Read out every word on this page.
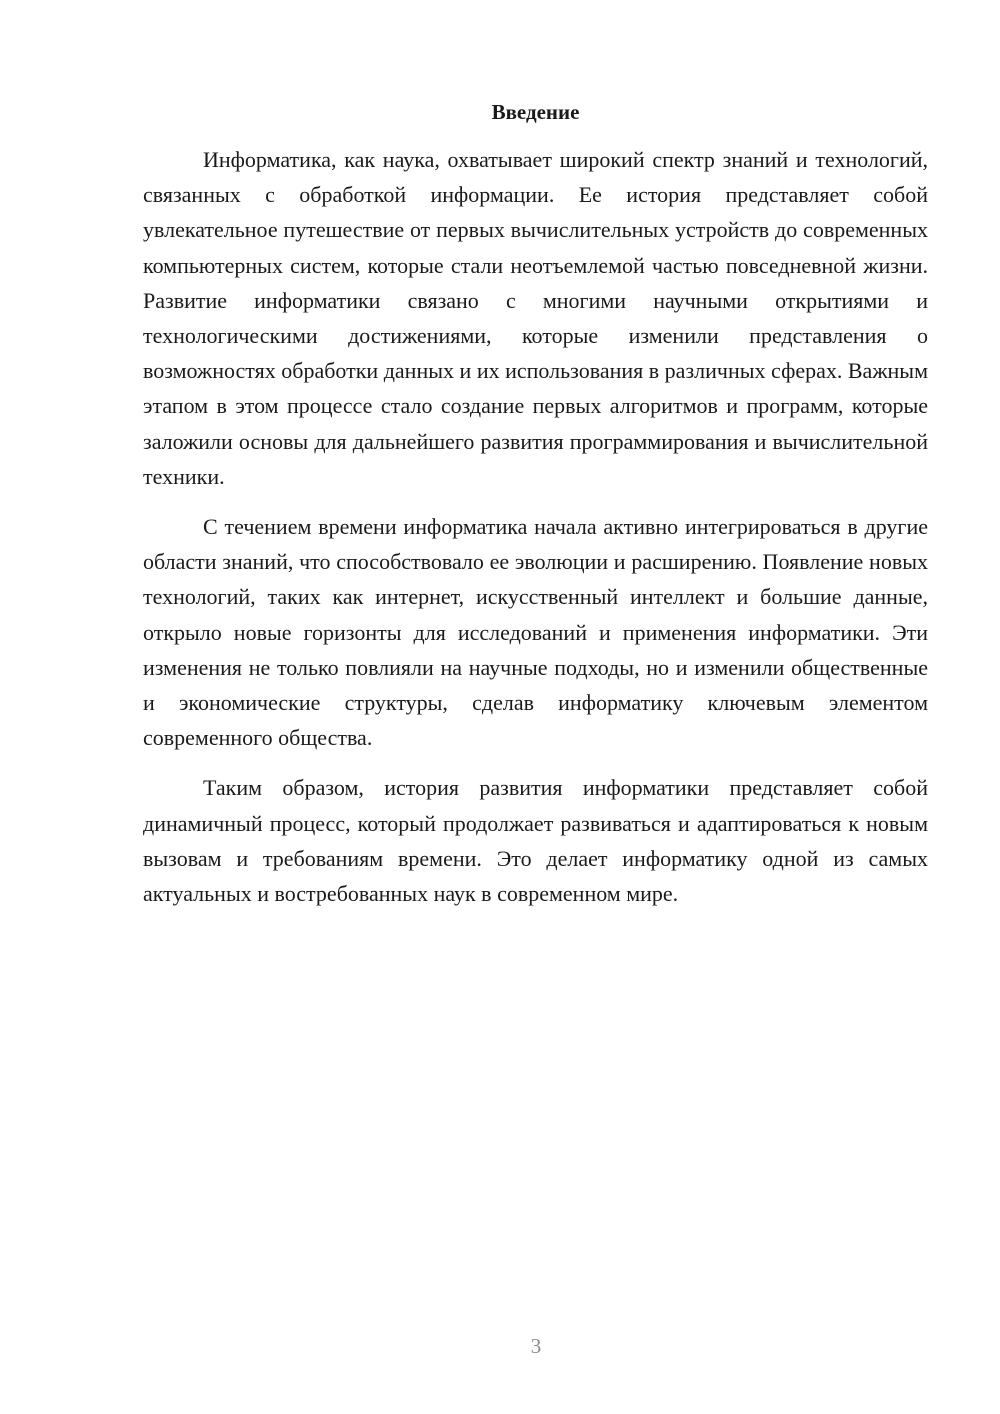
Введение

Информатика, как наука, охватывает широкий спектр знаний и технологий, связанных с обработкой информации. Ее история представляет собой увлекательное путешествие от первых вычислительных устройств до современных компьютерных систем, которые стали неотъемлемой частью повседневной жизни. Развитие информатики связано с многими научными открытиями и технологическими достижениями, которые изменили представления о возможностях обработки данных и их использования в различных сферах. Важным этапом в этом процессе стало создание первых алгоритмов и программ, которые заложили основы для дальнейшего развития программирования и вычислительной техники.

С течением времени информатика начала активно интегрироваться в другие области знаний, что способствовало ее эволюции и расширению. Появление новых технологий, таких как интернет, искусственный интеллект и большие данные, открыло новые горизонты для исследований и применения информатики. Эти изменения не только повлияли на научные подходы, но и изменили общественные и экономические структуры, сделав информатику ключевым элементом современного общества.

Таким образом, история развития информатики представляет собой динамичный процесс, который продолжает развиваться и адаптироваться к новым вызовам и требованиям времени. Это делает информатику одной из самых актуальных и востребованных наук в современном мире.

3
